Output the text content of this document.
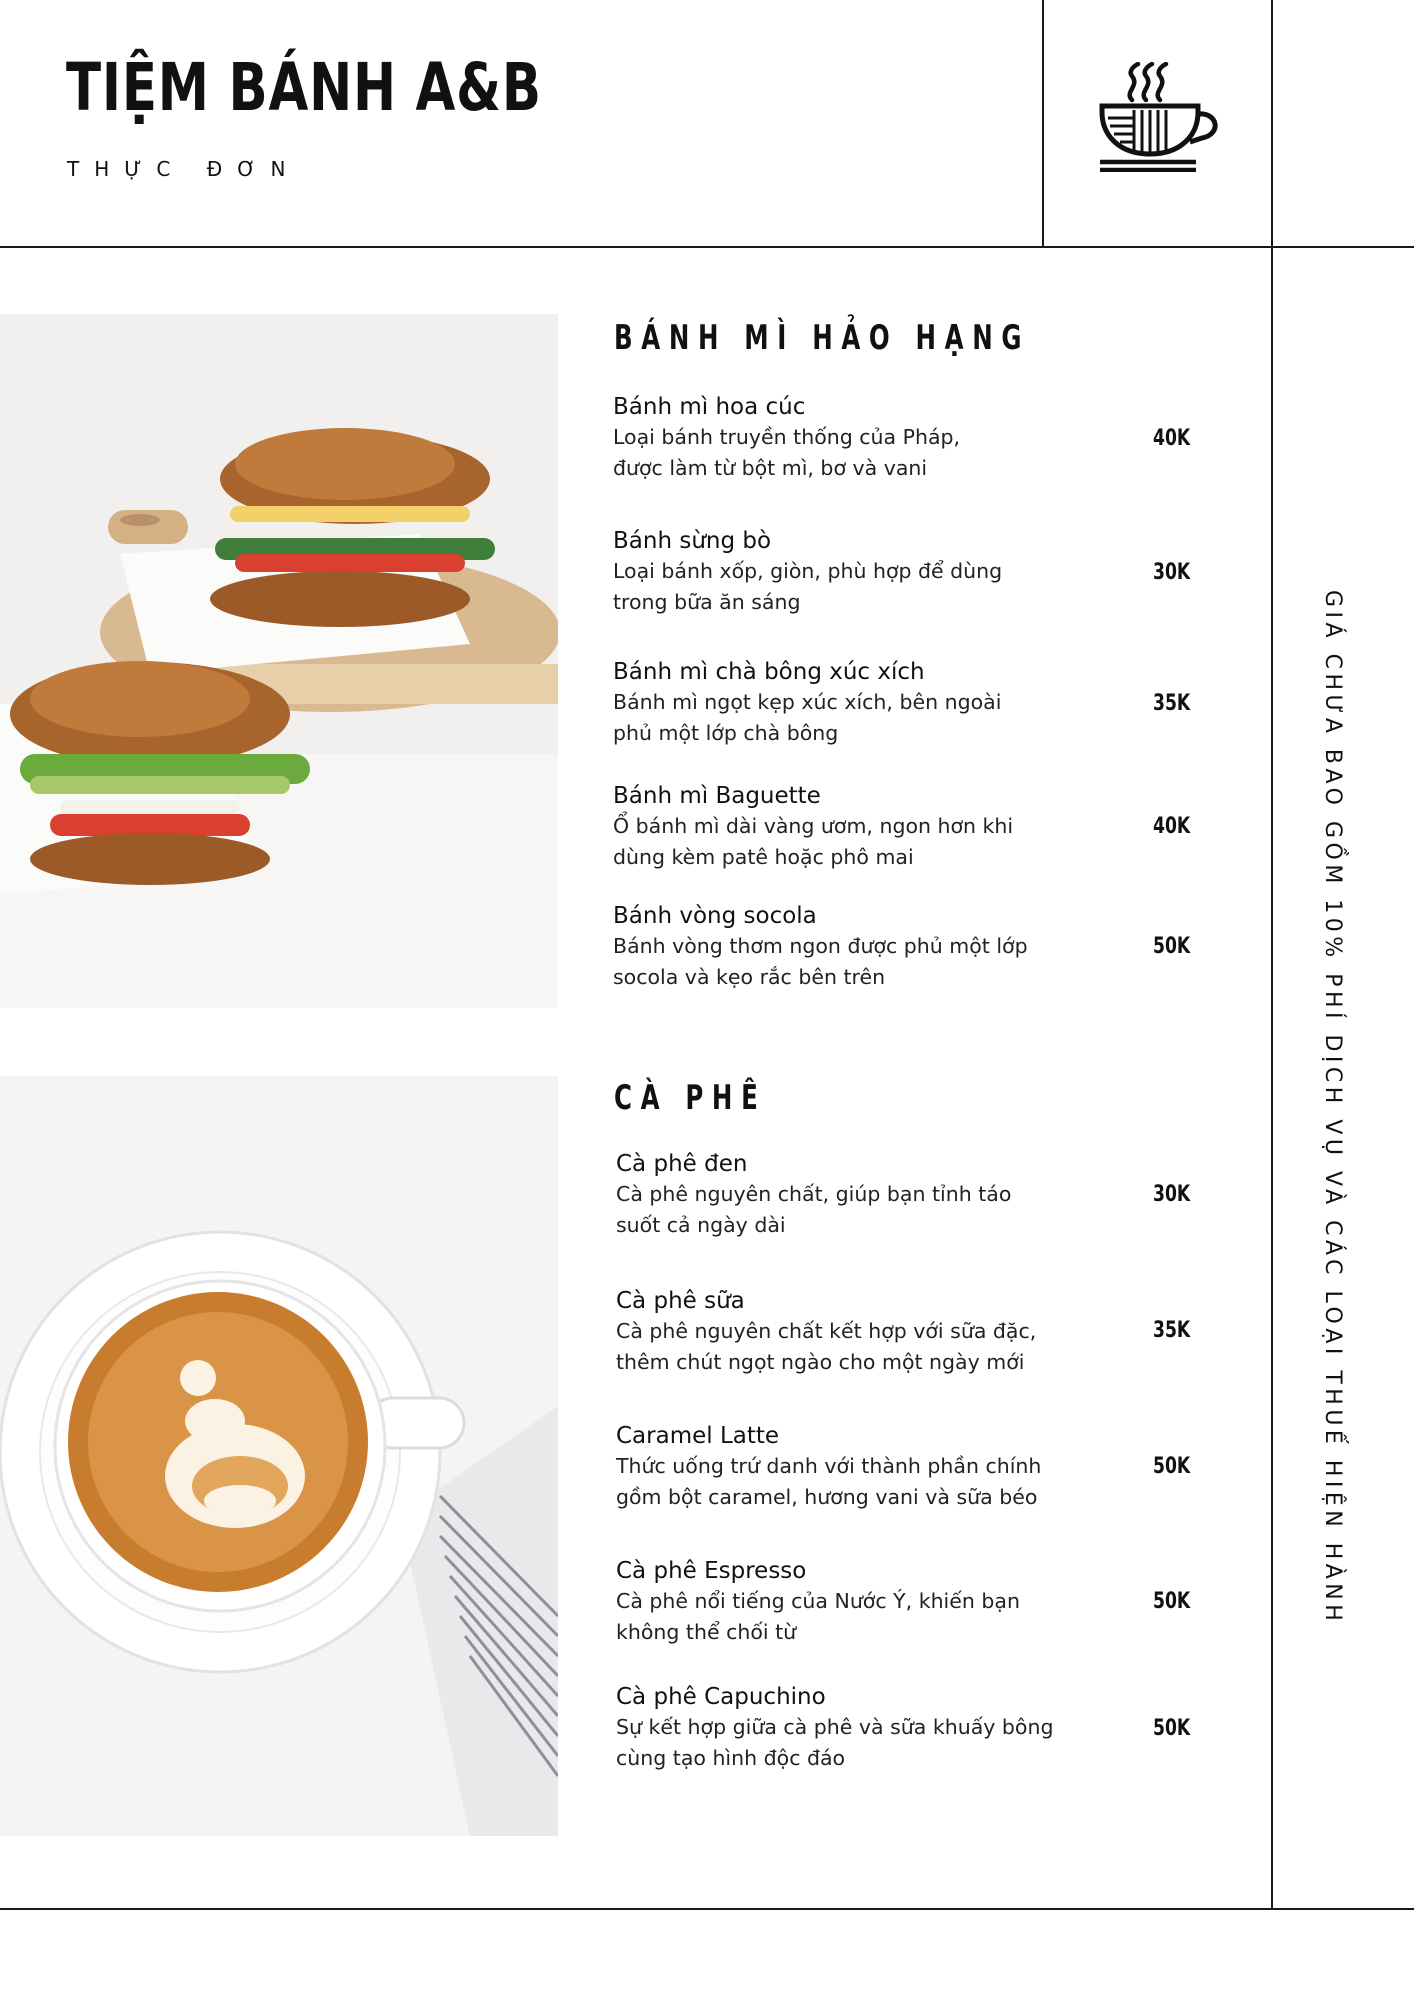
TIỆM BÁNH A&B
THỰC ĐƠN
BÁNH MÌ HẢO HẠNG
Bánh mì hoa cúc
Loại bánh truyền thống của Pháp,
được làm từ bột mì, bơ và vani
40K
Bánh sừng bò
Loại bánh xốp, giòn, phù hợp để dùng
trong bữa ăn sáng
30K
Bánh mì chà bông xúc xích
Bánh mì ngọt kẹp xúc xích, bên ngoài
phủ một lớp chà bông
35K
Bánh mì Baguette
Ổ bánh mì dài vàng ươm, ngon hơn khi
dùng kèm patê hoặc phô mai
40K
Bánh vòng socola
Bánh vòng thơm ngon được phủ một lớp
socola và kẹo rắc bên trên
50K
CÀ PHÊ
Cà phê đen
Cà phê nguyên chất, giúp bạn tỉnh táo
suốt cả ngày dài
30K
Cà phê sữa
Cà phê nguyên chất kết hợp với sữa đặc,
thêm chút ngọt ngào cho một ngày mới
35K
Caramel Latte
Thức uống trứ danh với thành phần chính
gồm bột caramel, hương vani và sữa béo
50K
Cà phê Espresso
Cà phê nổi tiếng của Nước Ý, khiến bạn
không thể chối từ
50K
Cà phê Capuchino
Sự kết hợp giữa cà phê và sữa khuấy bông
cùng tạo hình độc đáo
50K
GIÁ CHƯA BAO GỒM 10% PHÍ DỊCH VỤ VÀ CÁC LOẠI THUẾ HIỆN HÀNH
